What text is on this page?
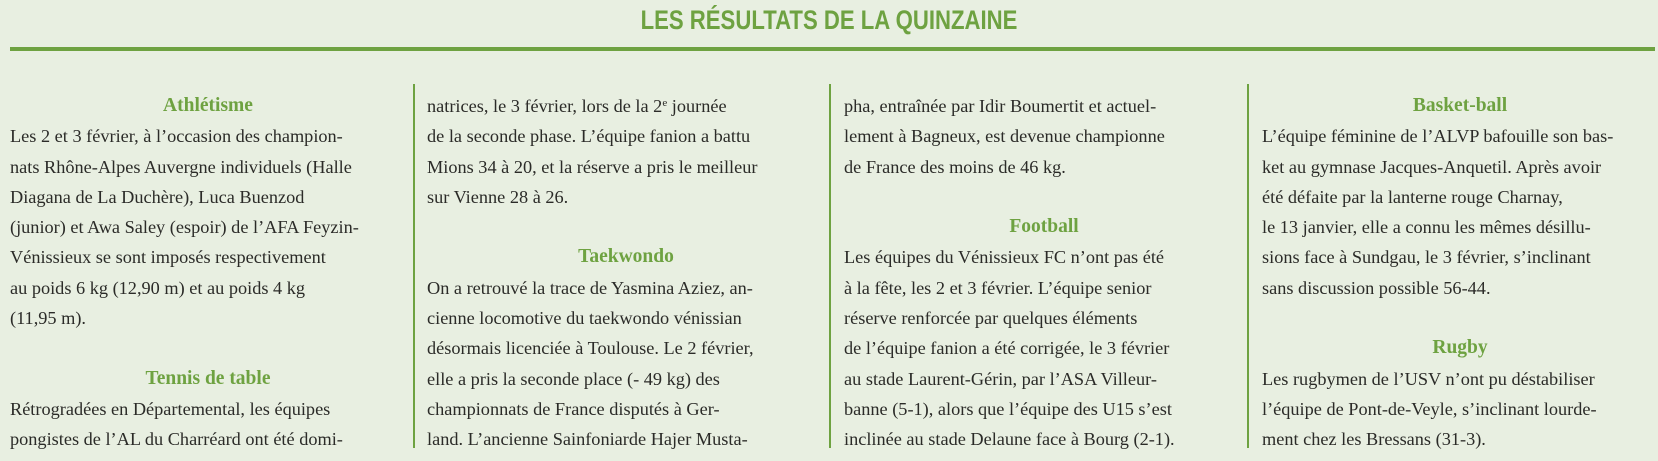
LES RÉSULTATS DE LA QUINZAINE
Athlétisme

Les 2 et 3 février, à l’occasion des champion-

nats Rhône-Alpes Auvergne individuels (Halle

Diagana de La Duchère), Luca Buenzod

(junior) et Awa Saley (espoir) de l’AFA Feyzin-

Vénissieux se sont imposés respectivement

au poids 6 kg (12,90 m) et au poids 4 kg

(11,95 m).

Tennis de table

Rétrogradées en Départemental, les équipes

pongistes de l’AL du Charréard ont été domi-

natrices, le 3 février, lors de la 2e journée

de la seconde phase. L’équipe fanion a battu

Mions 34 à 20, et la réserve a pris le meilleur

sur Vienne 28 à 26.

Taekwondo

On a retrouvé la trace de Yasmina Aziez, an-

cienne locomotive du taekwondo vénissian

désormais licenciée à Toulouse. Le 2 février,

elle a pris la seconde place (- 49 kg) des

championnats de France disputés à Ger-

land. L’ancienne Sainfoniarde Hajer Musta-

pha, entraînée par Idir Boumertit et actuel-

lement à Bagneux, est devenue championne

de France des moins de 46 kg.

Football

Les équipes du Vénissieux FC n’ont pas été

à la fête, les 2 et 3 février. L’équipe senior

réserve renforcée par quelques éléments

de l’équipe fanion a été corrigée, le 3 février

au stade Laurent-Gérin, par l’ASA Villeur-

banne (5-1), alors que l’équipe des U15 s’est

inclinée au stade Delaune face à Bourg (2-1).

Basket-ball

L’équipe féminine de l’ALVP bafouille son bas-

ket au gymnase Jacques-Anquetil. Après avoir

été défaite par la lanterne rouge Charnay,

le 13 janvier, elle a connu les mêmes désillu-

sions face à Sundgau, le 3 février, s’inclinant

sans discussion possible 56-44.

Rugby

Les rugbymen de l’USV n’ont pu déstabiliser

l’équipe de Pont-de-Veyle, s’inclinant lourde-

ment chez les Bressans (31-3).
